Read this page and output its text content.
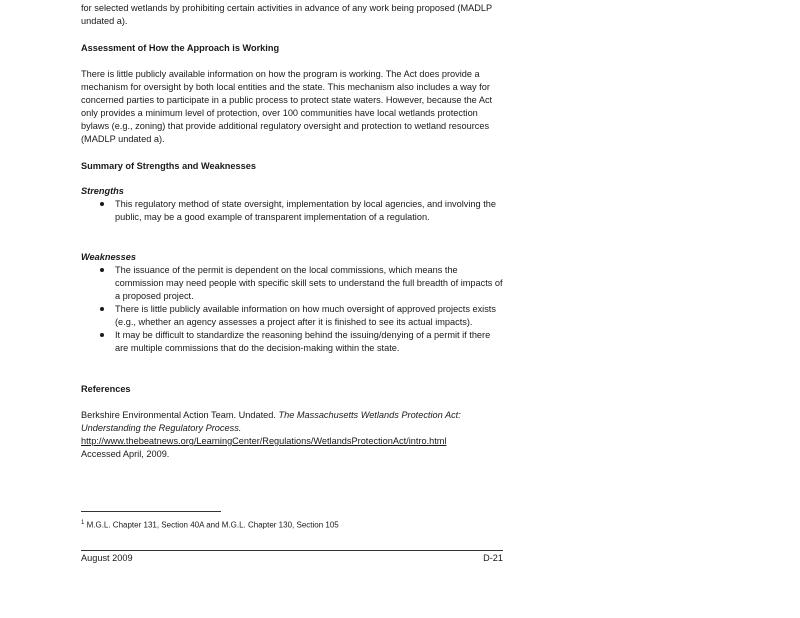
for selected wetlands by prohibiting certain activities in advance of any work being proposed (MADLP undated a).
Assessment of How the Approach is Working
There is little publicly available information on how the program is working. The Act does provide a mechanism for oversight by both local entities and the state. This mechanism also includes a way for concerned parties to participate in a public process to protect state waters. However, because the Act only provides a minimum level of protection, over 100 communities have local wetlands protection bylaws (e.g., zoning) that provide additional regulatory oversight and protection to wetland resources (MADLP undated a).
Summary of Strengths and Weaknesses
Strengths
This regulatory method of state oversight, implementation by local agencies, and involving the public, may be a good example of transparent implementation of a regulation.
Weaknesses
The issuance of the permit is dependent on the local commissions, which means the commission may need people with specific skill sets to understand the full breadth of impacts of a proposed project.
There is little publicly available information on how much oversight of approved projects exists (e.g., whether an agency assesses a project after it is finished to see its actual impacts).
It may be difficult to standardize the reasoning behind the issuing/denying of a permit if there are multiple commissions that do the decision-making within the state.
References
Berkshire Environmental Action Team. Undated. The Massachusetts Wetlands Protection Act: Understanding the Regulatory Process.
http://www.thebeatnews.org/LearningCenter/Regulations/WetlandsProtectionAct/intro.html
Accessed April, 2009.
$^1$ M.G.L. Chapter 131, Section 40A and M.G.L. Chapter 130, Section 105
August 2009	D-21
